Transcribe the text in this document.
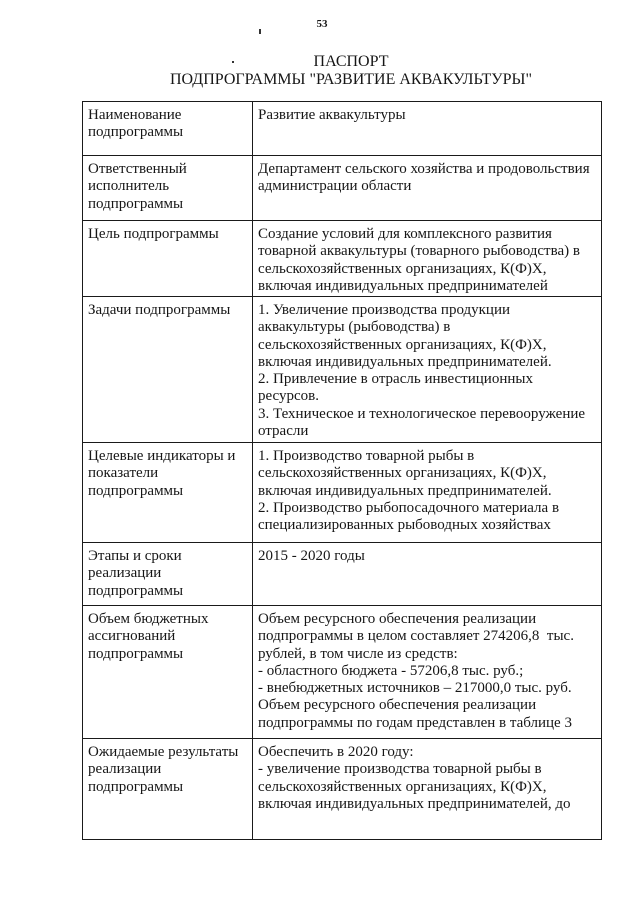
53
ПАСПОРТ
ПОДПРОГРАММЫ "РАЗВИТИЕ АКВАКУЛЬТУРЫ"
Наименование
подпрограммы
Развитие аквакультуры
Ответственный
исполнитель
подпрограммы
Департамент сельского хозяйства и продовольствия
администрации области
Цель подпрограммы	Создание условий для комплексного развития
товарной аквакультуры (товарного рыбоводства) в
сельскохозяйственных организациях, К(Ф)Х,
включая индивидуальных предпринимателей
Задачи подпрограммы	1. Увеличение производства продукции
аквакультуры (рыбоводства) в
сельскохозяйственных организациях, К(Ф)Х,
включая индивидуальных предпринимателей.
2. Привлечение в отрасль инвестиционных
ресурсов.
3. Техническое и технологическое перевооружение
отрасли
Целевые индикаторы и
показатели
подпрограммы
1. Производство товарной рыбы в
сельскохозяйственных организациях, К(Ф)Х,
включая индивидуальных предпринимателей.
2. Производство рыбопосадочного материала в
специализированных рыбоводных хозяйствах
Этапы и сроки
реализации
подпрограммы
2015 - 2020 годы
Объем бюджетных
ассигнований
подпрограммы
Объем ресурсного обеспечения реализации
подпрограммы в целом составляет 274206,8  тыс.
рублей, в том числе из средств:
- областного бюджета - 57206,8 тыс. руб.;
- внебюджетных источников – 217000,0 тыс. руб.
Объем ресурсного обеспечения реализации
подпрограммы по годам представлен в таблице 3
Ожидаемые результаты
реализации
подпрограммы
Обеспечить в 2020 году:
- увеличение производства товарной рыбы в
сельскохозяйственных организациях, К(Ф)Х,
включая индивидуальных предпринимателей, до
